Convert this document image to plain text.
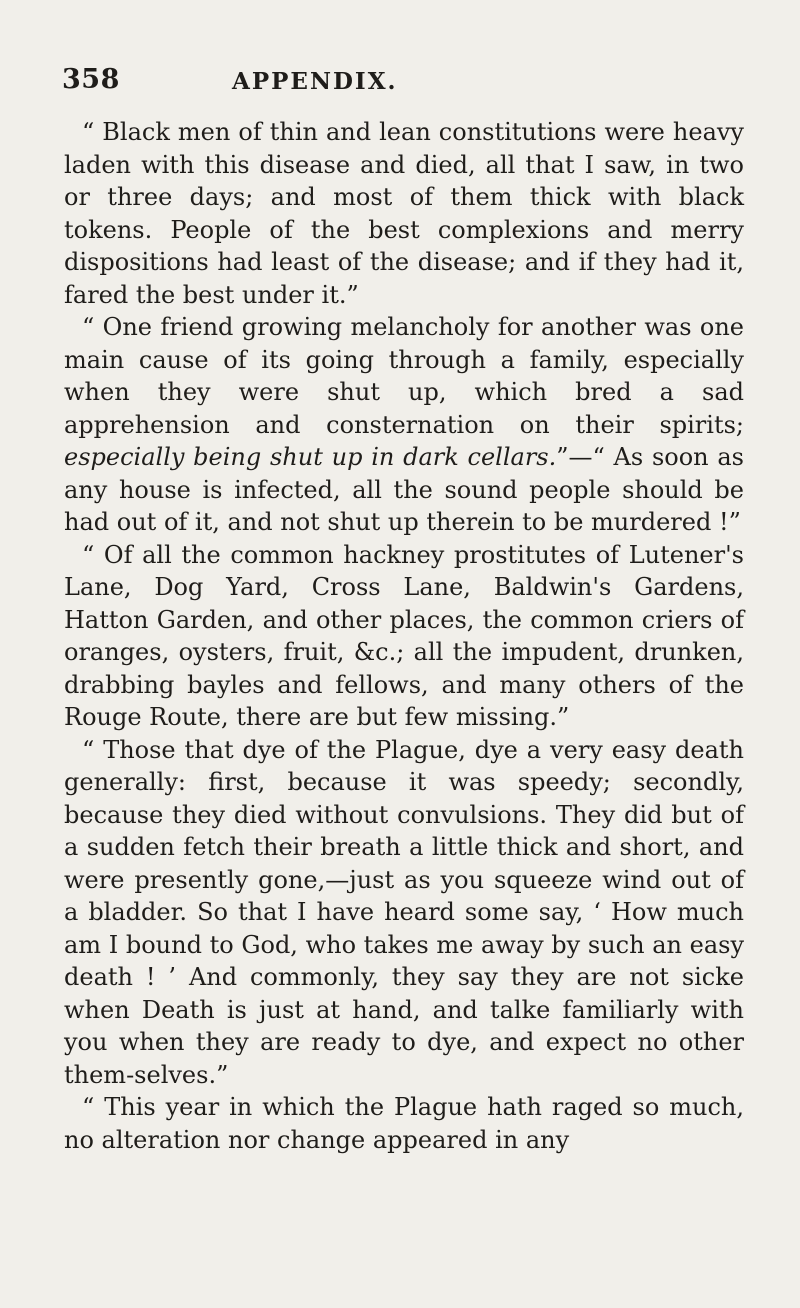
358	APPENDIX.

“ Black men of thin and lean constitutions were heavy laden with this disease and died, all that I saw, in two or three days; and most of them thick with black tokens. People of the best complexions and merry dispositions had least of the disease; and if they had it, fared the best under it.”

“ One friend growing melancholy for another was one main cause of its going through a family, especially when they were shut up, which bred a sad apprehension and consternation on their spirits; especially being shut up in dark cellars.”—“ As soon as any house is infected, all the sound people should be had out of it, and not shut up therein to be murdered !”

“ Of all the common hackney prostitutes of Lutener's Lane, Dog Yard, Cross Lane, Baldwin's Gardens, Hatton Garden, and other places, the common criers of oranges, oysters, fruit, &c.; all the impudent, drunken, drabbing bayles and fellows, and many others of the Rouge Route, there are but few missing.”

“ Those that dye of the Plague, dye a very easy death generally: first, because it was speedy; secondly, because they died without convulsions. They did but of a sudden fetch their breath a little thick and short, and were presently gone,—just as you squeeze wind out of a bladder. So that I have heard some say, ‘ How much am I bound to God, who takes me away by such an easy death ! ’ And commonly, they say they are not sicke when Death is just at hand, and talke familiarly with you when they are ready to dye, and expect no other them-selves.”

“ This year in which the Plague hath raged so much, no alteration nor change appeared in any
